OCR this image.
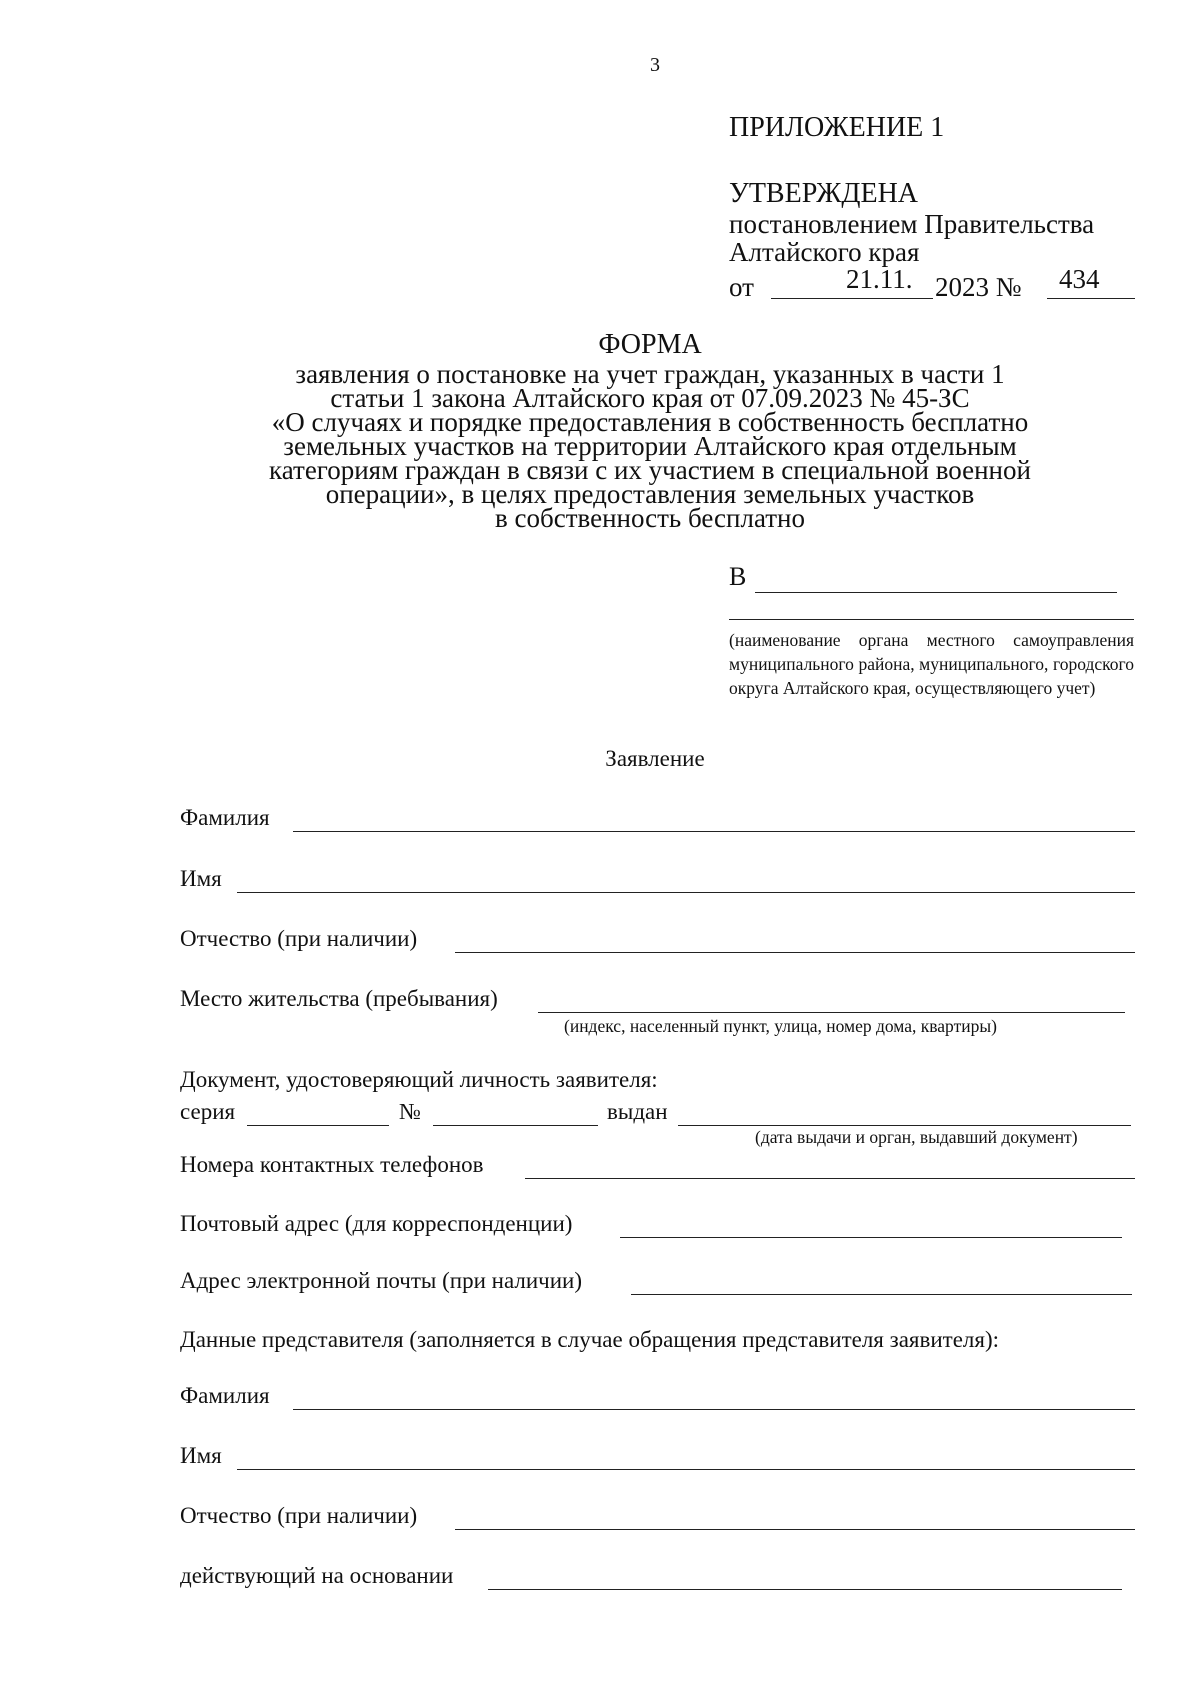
3
ПРИЛОЖЕНИЕ 1
УТВЕРЖДЕНА
постановлением Правительства
Алтайского края
от	21.11. 2023 № 434
ФОРМА
заявления о постановке на учет граждан, указанных в части 1
статьи 1 закона Алтайского края от 07.09.2023 № 45-ЗС
«О случаях и порядке предоставления в собственность бесплатно
земельных участков на территории Алтайского края отдельным
категориям граждан в связи с их участием в специальной военной
операции», в целях предоставления земельных участков
в собственность бесплатно
В
(наименование органа местного самоуправления муниципального района, муниципального, городского округа Алтайского края, осуществляющего учет)
Заявление
Фамилия
Имя
Отчество (при наличии)
Место жительства (пребывания)
(индекс, населенный пункт, улица, номер дома, квартиры)
Документ, удостоверяющий личность заявителя:
серия	№	выдан
(дата выдачи и орган, выдавший документ)
Номера контактных телефонов
Почтовый адрес (для корреспонденции)
Адрес электронной почты (при наличии)
Данные представителя (заполняется в случае обращения представителя заявителя):
Фамилия
Имя
Отчество (при наличии)
действующий на основании
